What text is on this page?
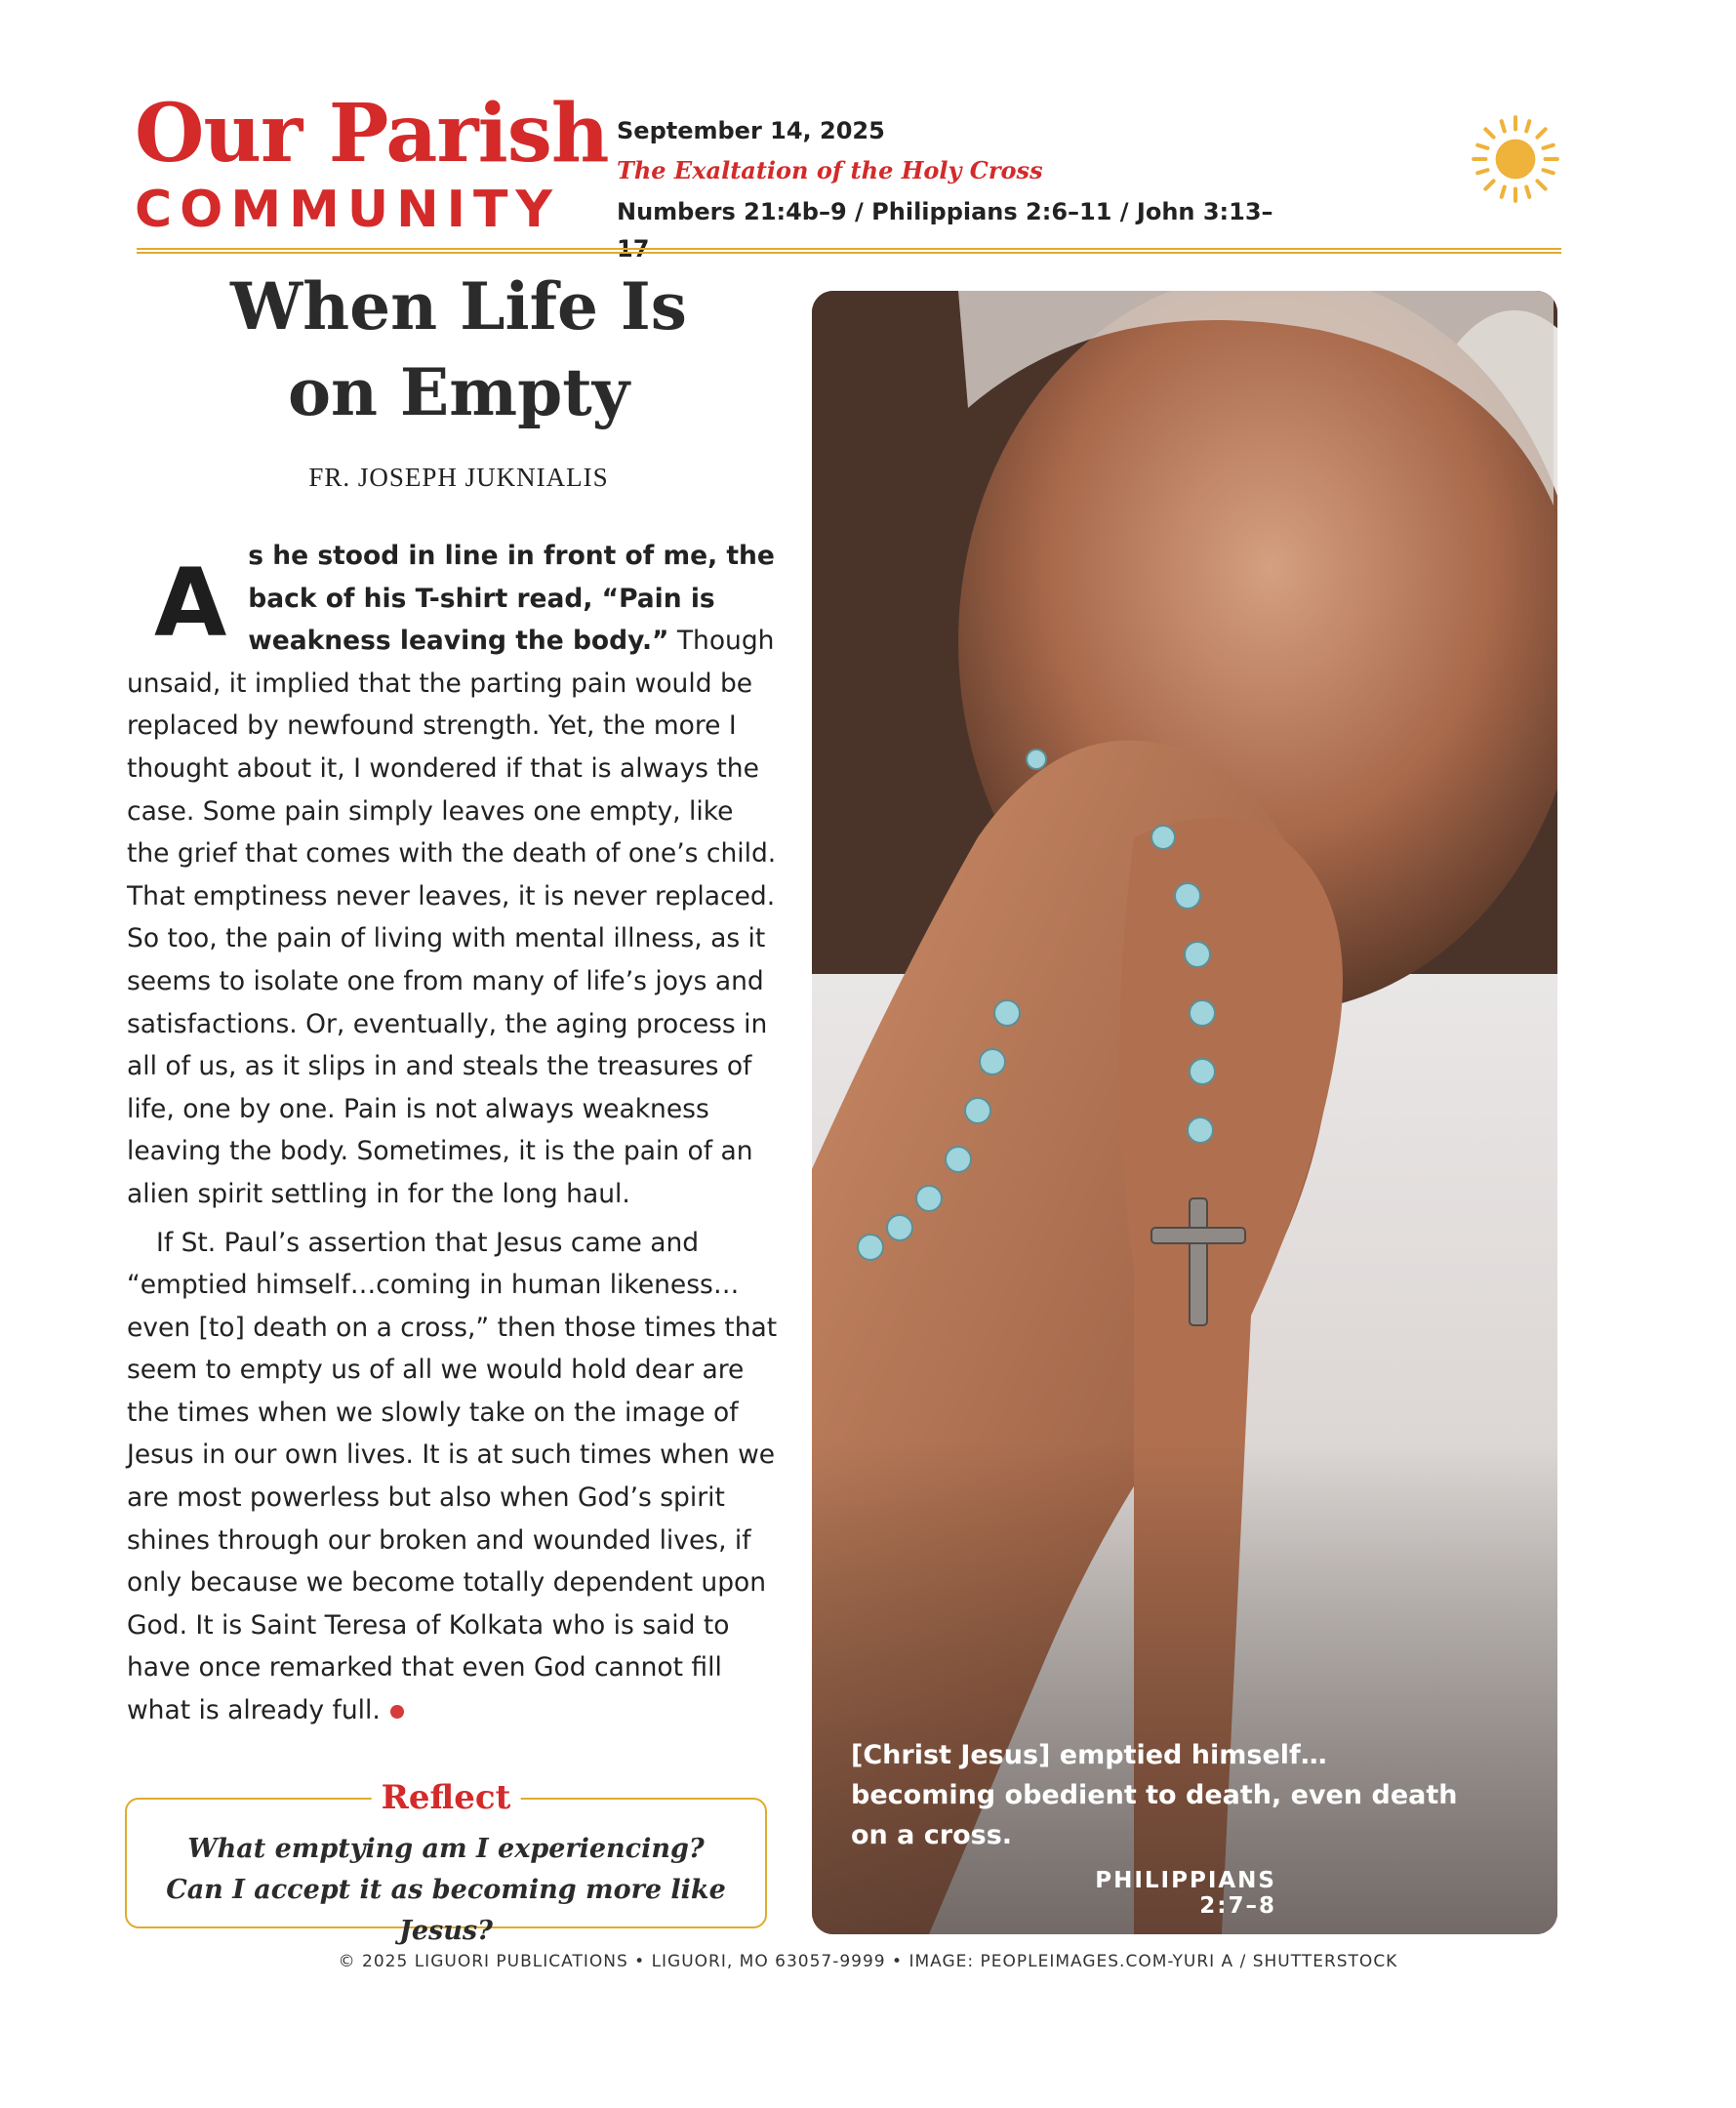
Our Parish
COMMUNITY
September 14, 2025
The Exaltation of the Holy Cross
Numbers 21:4b–9 / Philippians 2:6–11 / John 3:13–17
When Life Is
on Empty
FR. JOSEPH JUKNIALIS

A s he stood in line in front of me, the back of his T-shirt read, “Pain is weakness leaving the body.” Though unsaid, it implied that the parting pain would be replaced by newfound strength. Yet, the more I thought about it, I wondered if that is always the case. Some pain simply leaves one empty, like the grief that comes with the death of one’s child. That emptiness never leaves, it is never replaced. So too, the pain of living with mental illness, as it seems to isolate one from many of life’s joys and satisfactions. Or, eventually, the aging process in all of us, as it slips in and steals the treasures of life, one by one. Pain is not always weakness leaving the body. Sometimes, it is the pain of an alien spirit settling in for the long haul.

If St. Paul’s assertion that Jesus came and “emptied himself…coming in human likeness…even [to] death on a cross,” then those times that seem to empty us of all we would hold dear are the times when we slowly take on the image of Jesus in our own lives. It is at such times when we are most powerless but also when God’s spirit shines through our broken and wounded lives, if only because we become totally dependent upon God. It is Saint Teresa of Kolkata who is said to have once remarked that even God cannot fill what is already full.

Reflect
What emptying am I experiencing?
Can I accept it as becoming more like Jesus?
[Christ Jesus] emptied himself… becoming obedient to death, even death on a cross.
PHILIPPIANS 2:7–8
© 2025 LIGUORI PUBLICATIONS • LIGUORI, MO 63057-9999 • IMAGE: PEOPLEIMAGES.COM-YURI A / SHUTTERSTOCK
